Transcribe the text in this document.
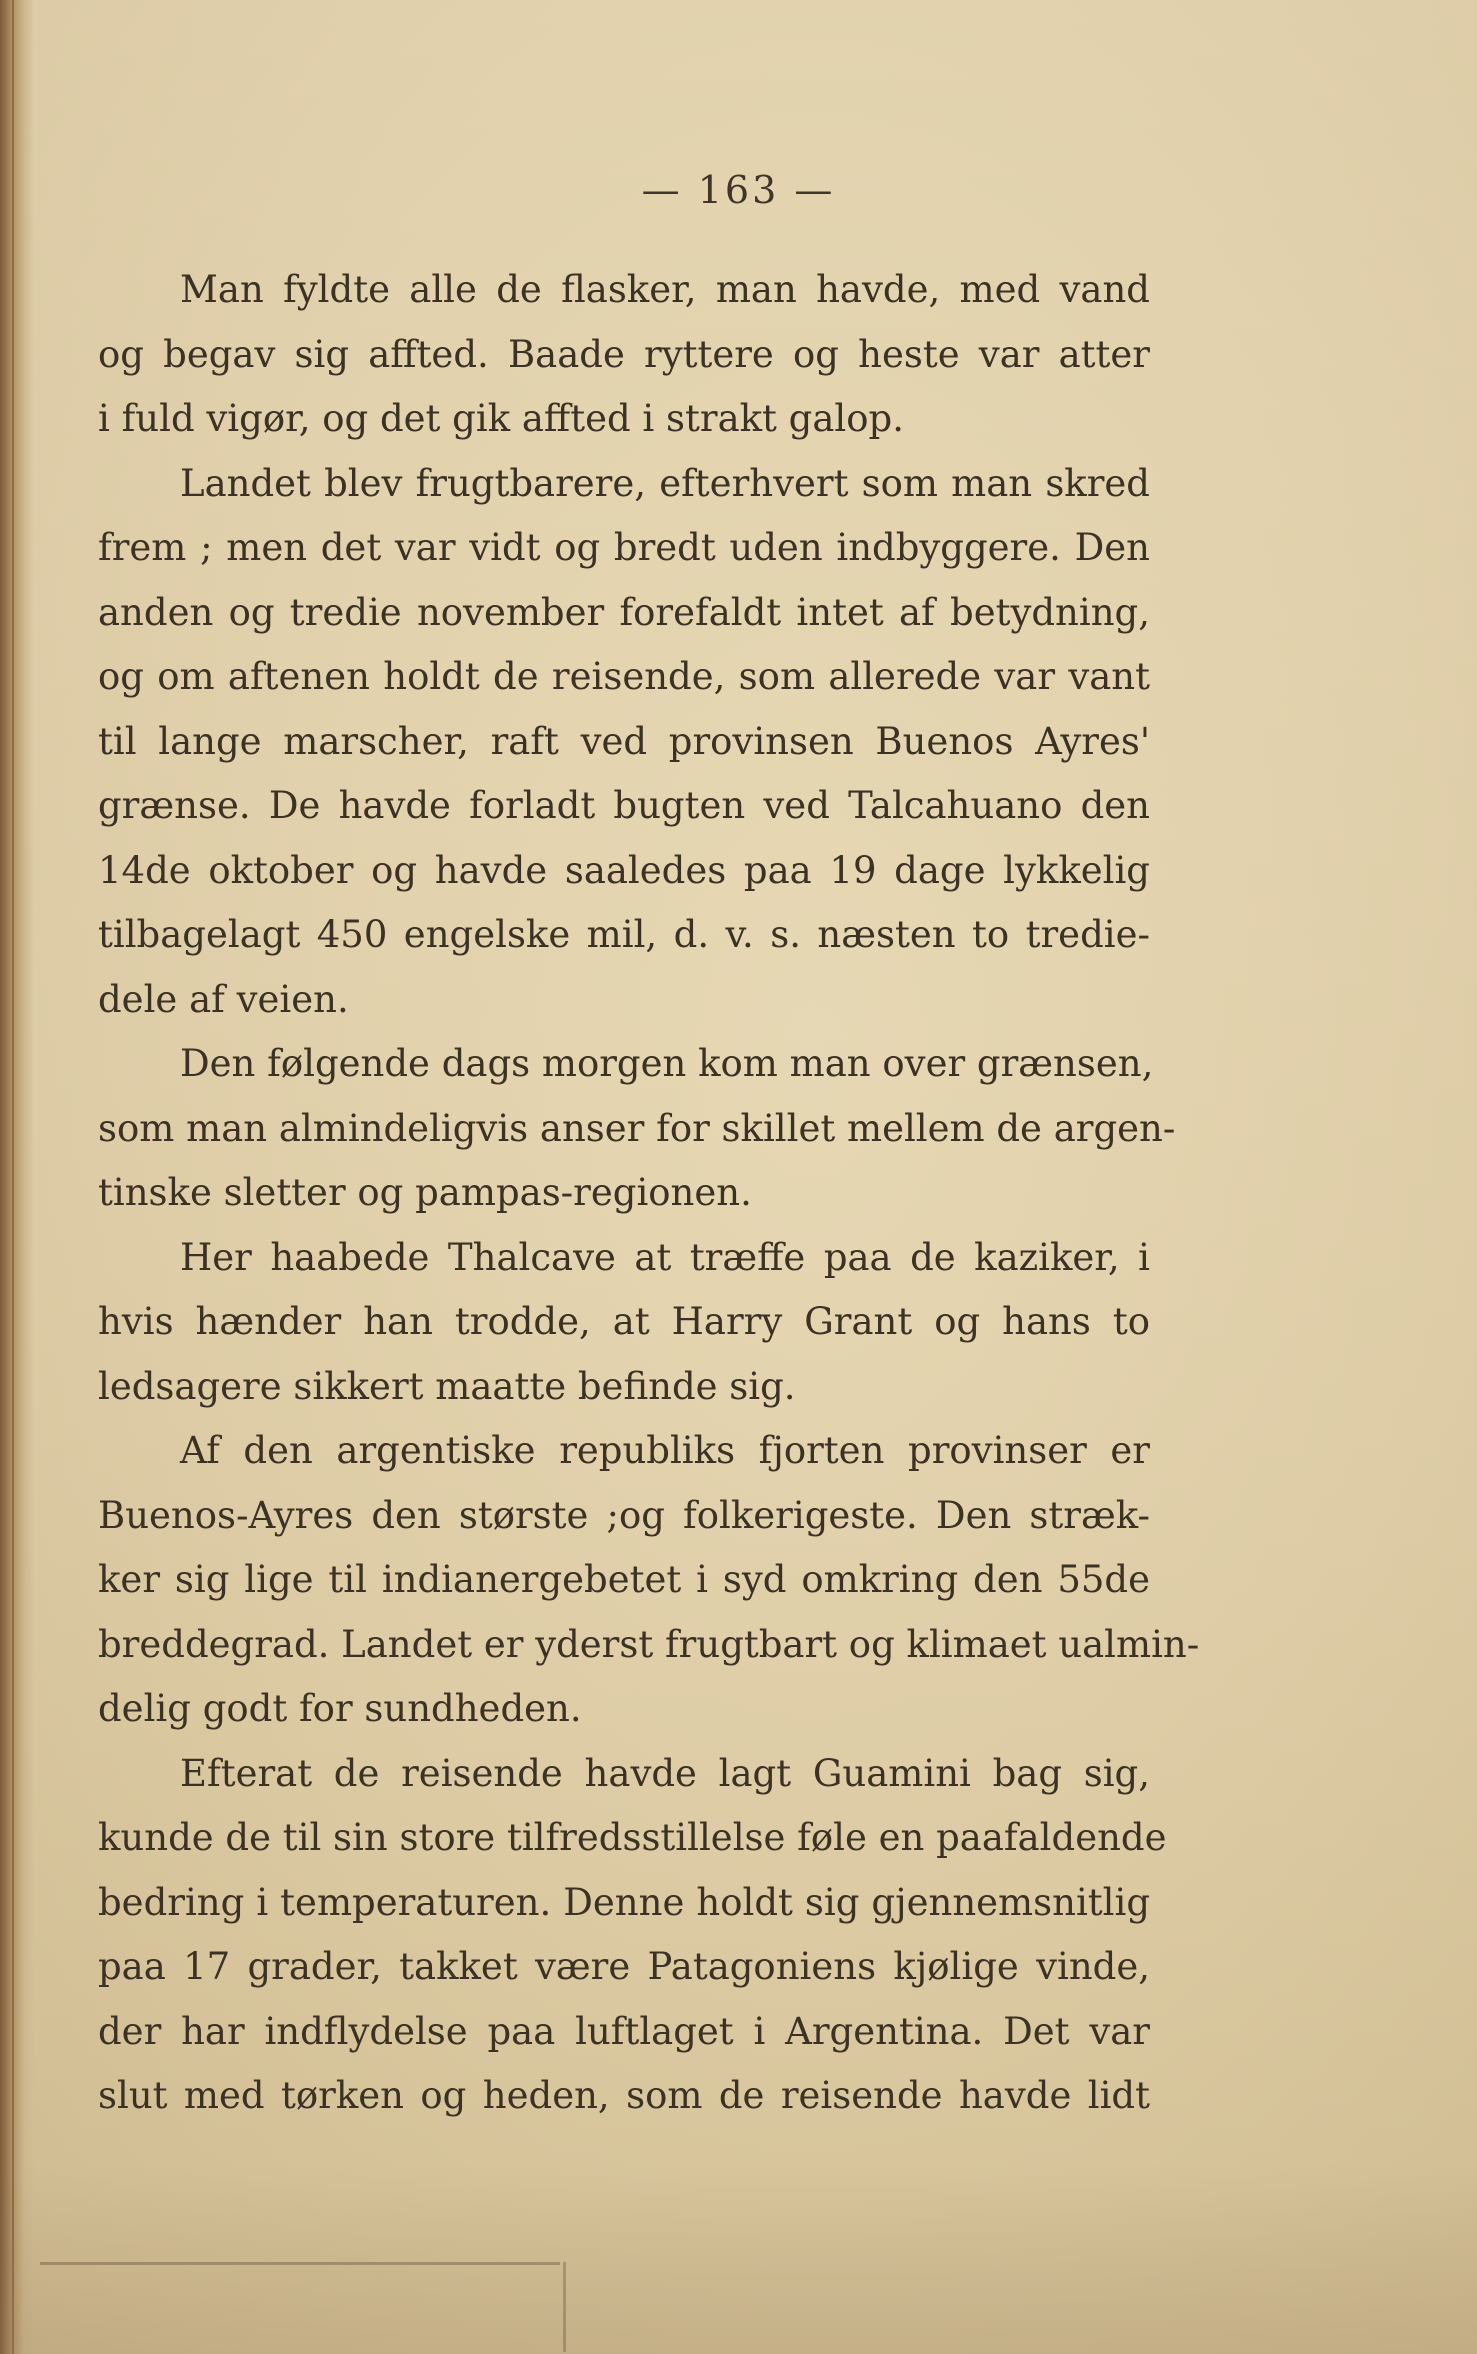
— 163 —
Man fyldte alle de flasker, man havde, med vand
og begav sig affted. Baade ryttere og heste var atter
i fuld vigør, og det gik affted i strakt galop.
Landet blev frugtbarere, efterhvert som man skred
frem ; men det var vidt og bredt uden indbyggere. Den
anden og tredie november forefaldt intet af betydning,
og om aftenen holdt de reisende, som allerede var vant
til lange marscher, raft ved provinsen Buenos Ayres'
grænse. De havde forladt bugten ved Talcahuano den
14de oktober og havde saaledes paa 19 dage lykkelig
tilbagelagt 450 engelske mil, d. v. s. næsten to tredie-
dele af veien.
Den følgende dags morgen kom man over grænsen,
som man almindeligvis anser for skillet mellem de argen-
tinske sletter og pampas-regionen.
Her haabede Thalcave at træffe paa de kaziker, i
hvis hænder han trodde, at Harry Grant og hans to
ledsagere sikkert maatte befinde sig.
Af den argentiske republiks fjorten provinser er
Buenos-Ayres den største ;og folkerigeste. Den stræk-
ker sig lige til indianergebetet i syd omkring den 55de
breddegrad. Landet er yderst frugtbart og klimaet ualmin-
delig godt for sundheden.
Efterat de reisende havde lagt Guamini bag sig,
kunde de til sin store tilfredsstillelse føle en paafaldende
bedring i temperaturen. Denne holdt sig gjennemsnitlig
paa 17 grader, takket være Patagoniens kjølige vinde,
der har indflydelse paa luftlaget i Argentina. Det var
slut med tørken og heden, som de reisende havde lidt
